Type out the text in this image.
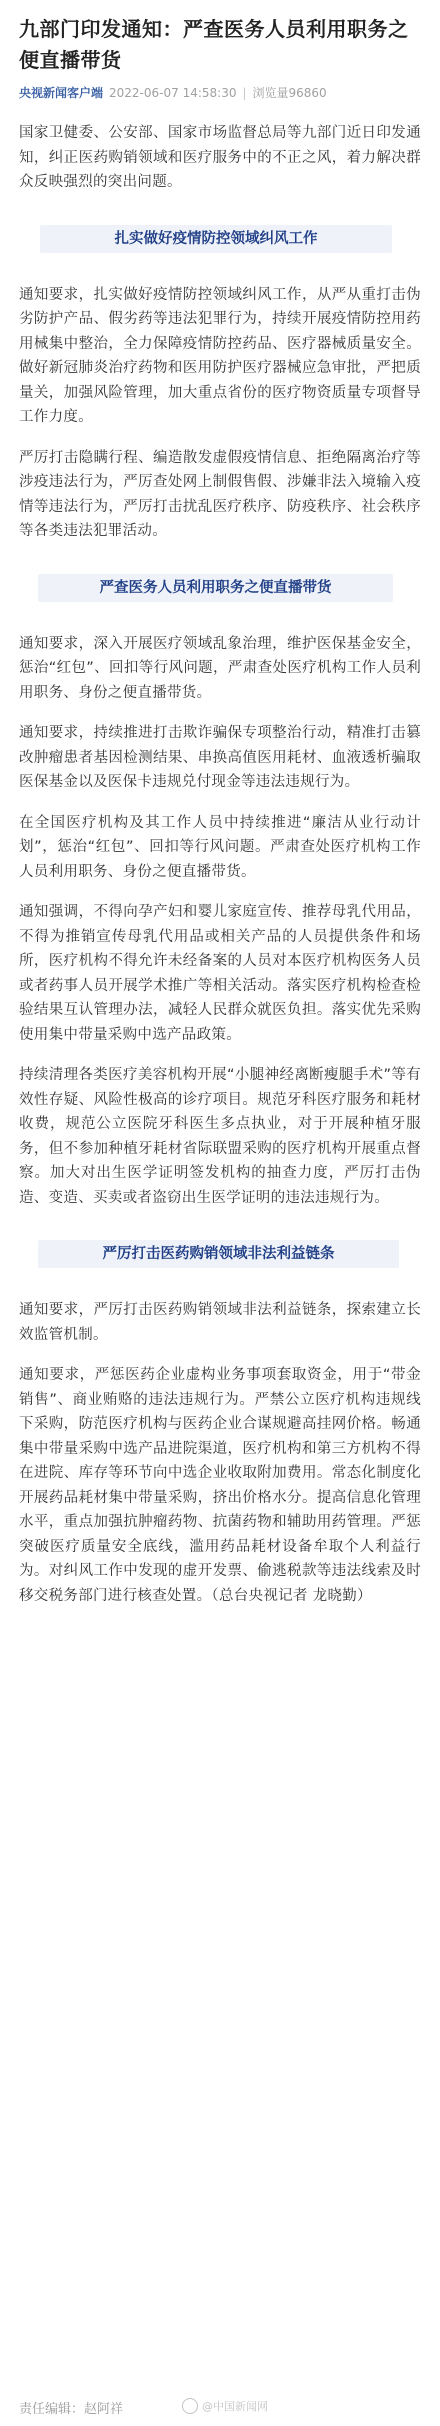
九部门印发通知：严查医务人员利用职务之便直播带货
央视新闻客户端 2022-06-07 14:58:30 | 浏览量96860

国家卫健委、公安部、国家市场监督总局等九部门近日印发通知，纠正医药购销领域和医疗服务中的不正之风，着力解决群众反映强烈的突出问题。

扎实做好疫情防控领域纠风工作

通知要求，扎实做好疫情防控领域纠风工作，从严从重打击伪劣防护产品、假劣药等违法犯罪行为，持续开展疫情防控用药用械集中整治，全力保障疫情防控药品、医疗器械质量安全。做好新冠肺炎治疗药物和医用防护医疗器械应急审批，严把质量关，加强风险管理，加大重点省份的医疗物资质量专项督导工作力度。

严厉打击隐瞒行程、编造散发虚假疫情信息、拒绝隔离治疗等涉疫违法行为，严厉查处网上制假售假、涉嫌非法入境输入疫情等违法行为，严厉打击扰乱医疗秩序、防疫秩序、社会秩序等各类违法犯罪活动。

严查医务人员利用职务之便直播带货

通知要求，深入开展医疗领域乱象治理，维护医保基金安全，惩治“红包”、回扣等行风问题，严肃查处医疗机构工作人员利用职务、身份之便直播带货。

通知要求，持续推进打击欺诈骗保专项整治行动，精准打击篡改肿瘤患者基因检测结果、串换高值医用耗材、血液透析骗取医保基金以及医保卡违规兑付现金等违法违规行为。

在全国医疗机构及其工作人员中持续推进“廉洁从业行动计划”，惩治“红包”、回扣等行风问题。严肃查处医疗机构工作人员利用职务、身份之便直播带货。

通知强调，不得向孕产妇和婴儿家庭宣传、推荐母乳代用品，不得为推销宣传母乳代用品或相关产品的人员提供条件和场所，医疗机构不得允许未经备案的人员对本医疗机构医务人员或者药事人员开展学术推广等相关活动。落实医疗机构检查检验结果互认管理办法，减轻人民群众就医负担。落实优先采购使用集中带量采购中选产品政策。

持续清理各类医疗美容机构开展“小腿神经离断瘦腿手术”等有效性存疑、风险性极高的诊疗项目。规范牙科医疗服务和耗材收费，规范公立医院牙科医生多点执业，对于开展种植牙服务，但不参加种植牙耗材省际联盟采购的医疗机构开展重点督察。加大对出生医学证明签发机构的抽查力度，严厉打击伪造、变造、买卖或者盗窃出生医学证明的违法违规行为。

严厉打击医药购销领域非法利益链条

通知要求，严厉打击医药购销领域非法利益链条，探索建立长效监管机制。

通知要求，严惩医药企业虚构业务事项套取资金，用于“带金销售”、商业贿赂的违法违规行为。严禁公立医疗机构违规线下采购，防范医疗机构与医药企业合谋规避高挂网价格。畅通集中带量采购中选产品进院渠道，医疗机构和第三方机构不得在进院、库存等环节向中选企业收取附加费用。常态化制度化开展药品耗材集中带量采购，挤出价格水分。提高信息化管理水平，重点加强抗肿瘤药物、抗菌药物和辅助用药管理。严惩突破医疗质量安全底线，滥用药品耗材设备牟取个人利益行为。对纠风工作中发现的虚开发票、偷逃税款等违法线索及时移交税务部门进行核查处置。（总台央视记者 龙晓勤）

责任编辑：赵阿祥	@中国新闻网
